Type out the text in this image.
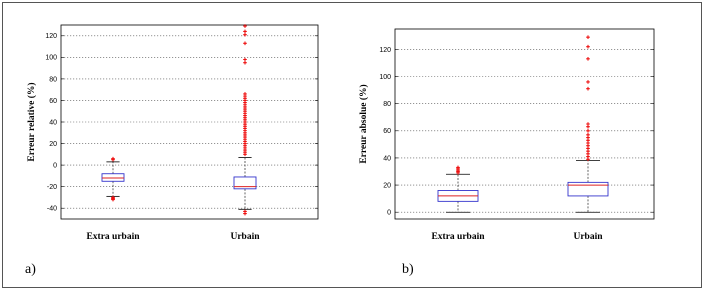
-40
-20
0
20
40
60
80
100
120
Erreur relative (%)
Extra urbain	Urbain
0
20
40
60
80
100
120
Erreur absolue (%)
Extra urbain	Urbain
a)	b)
